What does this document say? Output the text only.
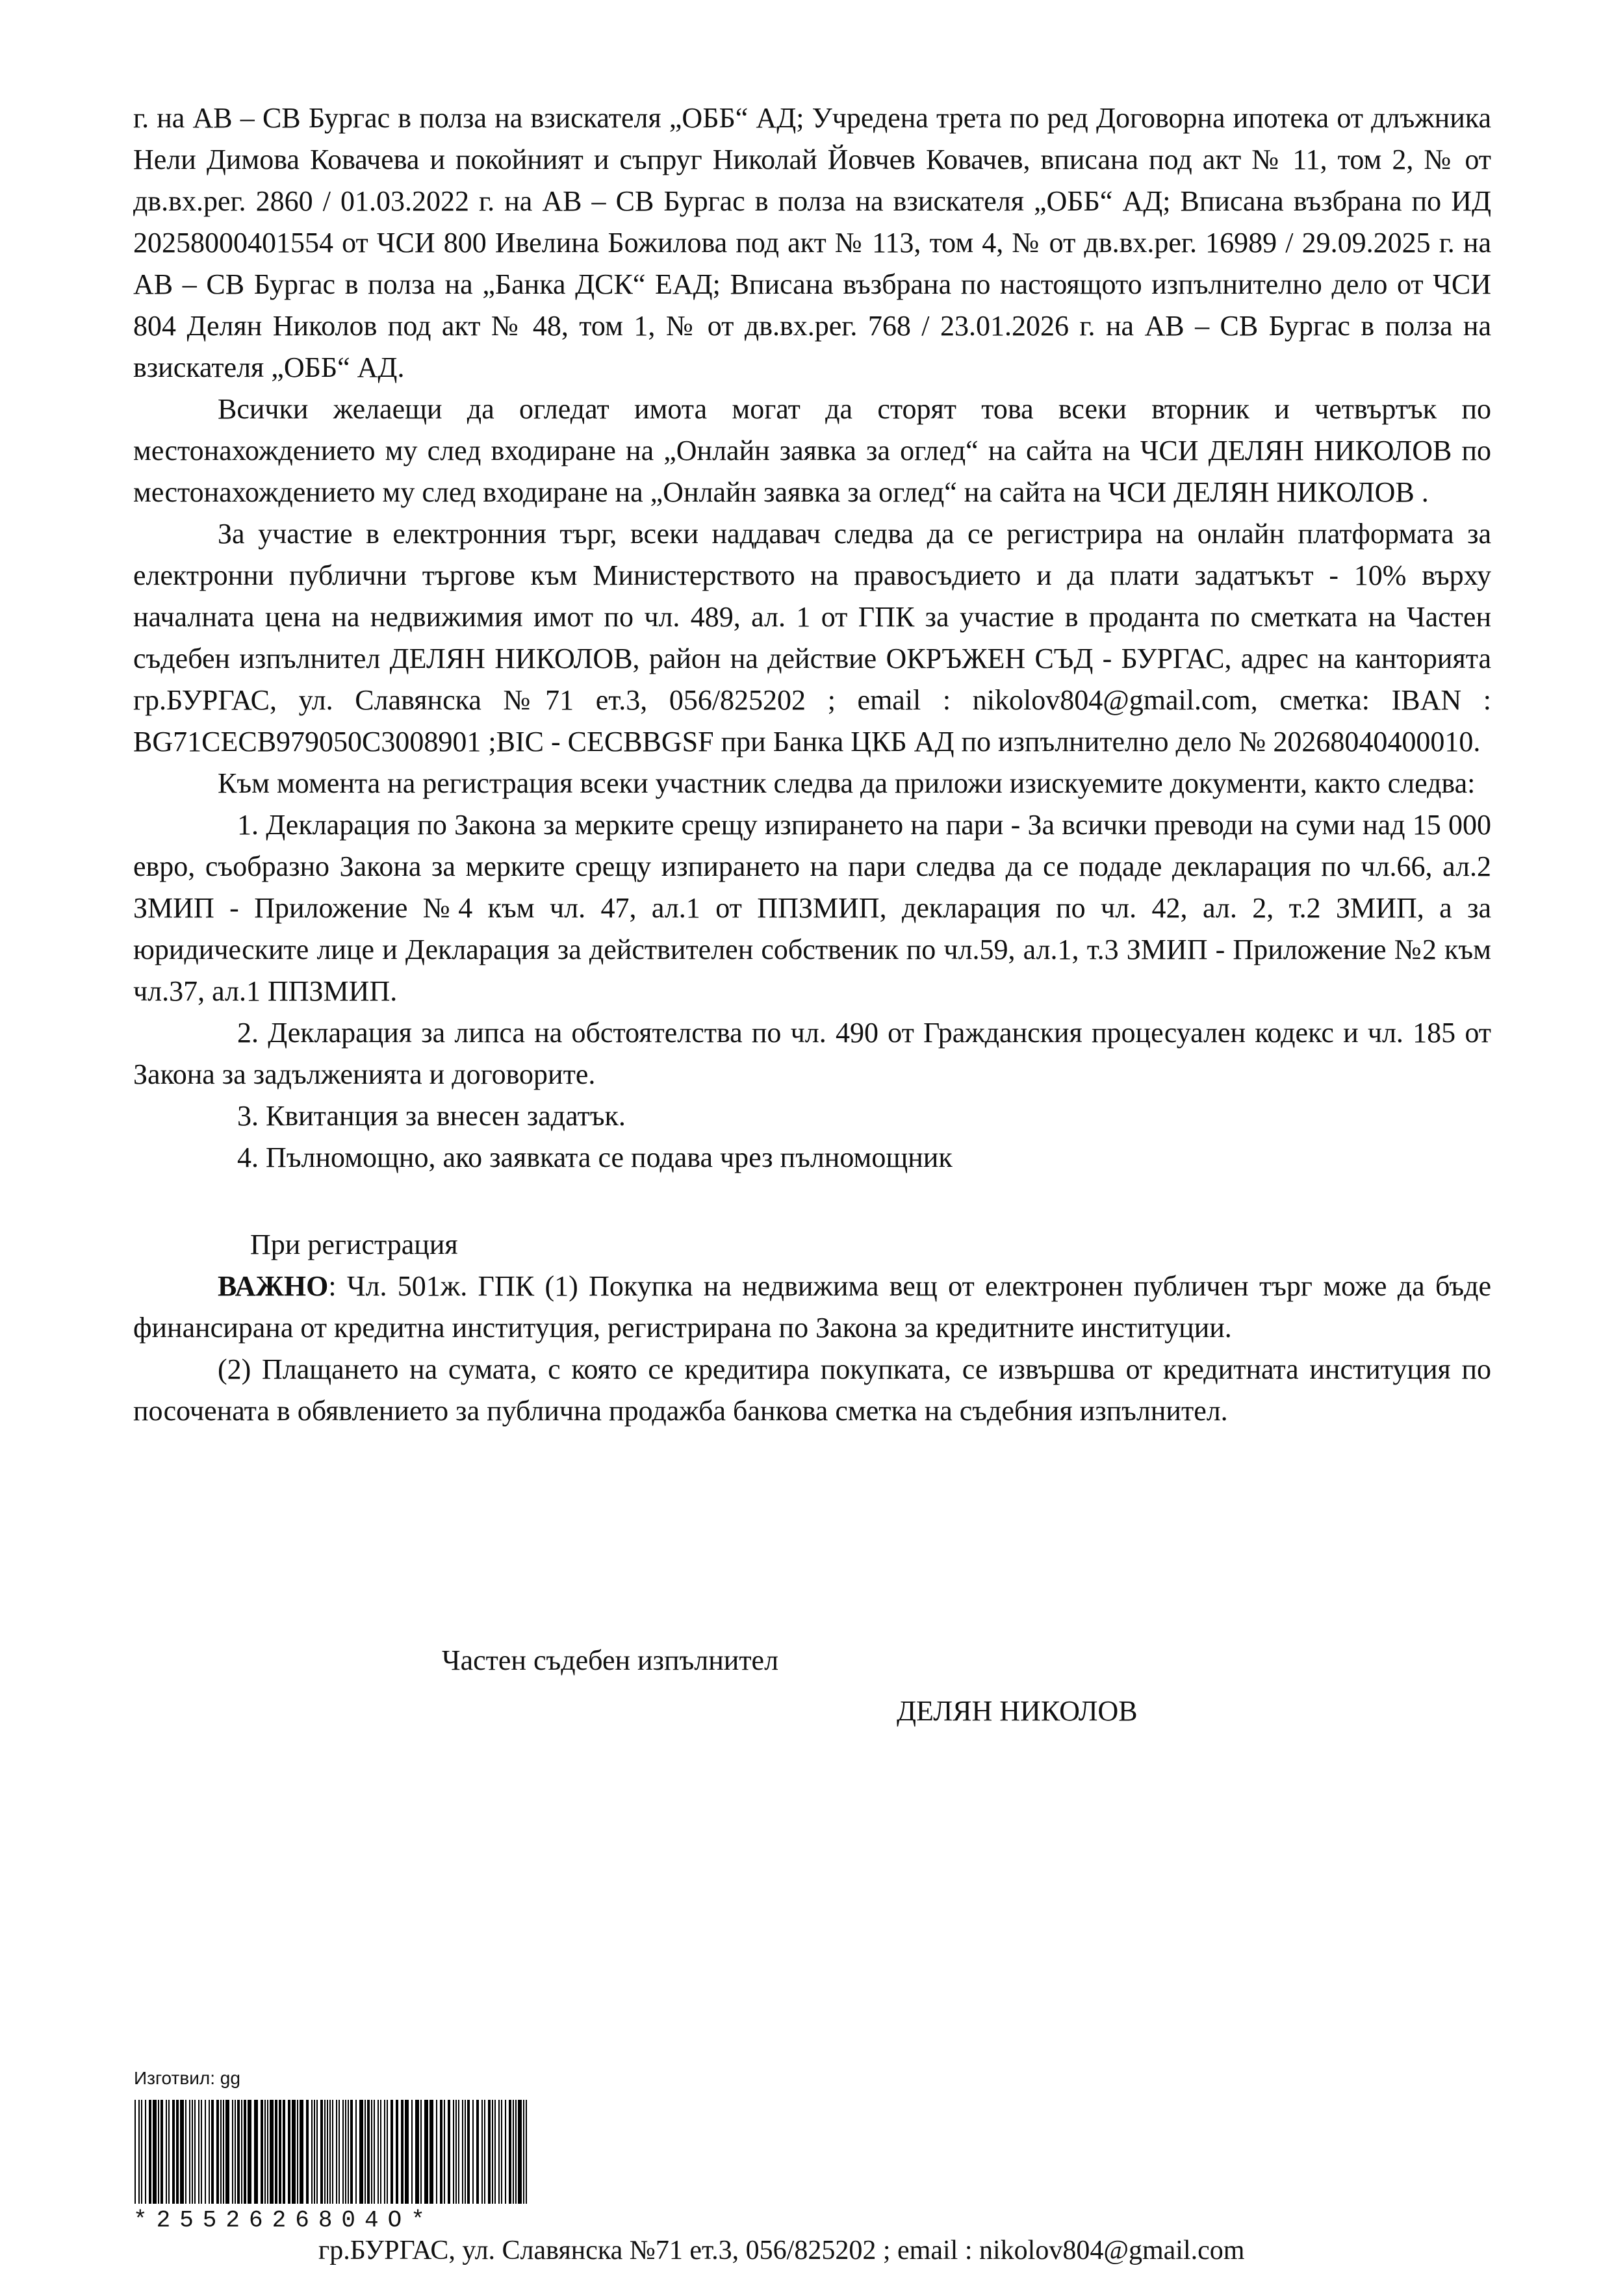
г. на АВ – СВ Бургас в полза на взискателя „ОББ“ АД; Учредена трета по ред Договорна ипотека от длъжника Нели Димова Ковачева и покойният и съпруг Николай Йовчев Ковачев, вписана под акт № 11, том 2, № от дв.вх.рег. 2860 / 01.03.2022 г. на АВ – СВ Бургас в полза на взискателя „ОББ“ АД; Вписана възбрана по ИД 20258000401554 от ЧСИ 800 Ивелина Божилова под акт № 113, том 4, № от дв.вх.рег. 16989 / 29.09.2025 г. на АВ – СВ Бургас в полза на „Банка ДСК“ ЕАД; Вписана възбрана по настоящото изпълнително дело от ЧСИ 804 Делян Николов под акт № 48, том 1, № от дв.вх.рег. 768 / 23.01.2026 г. на АВ – СВ Бургас в полза на взискателя „ОББ“ АД.

Всички желаещи да огледат имота могат да сторят това всеки вторник и четвъртък по местонахождението му след входиране на „Онлайн заявка за оглед“ на сайта на ЧСИ ДЕЛЯН НИКОЛОВ по местонахождението му след входиране на „Онлайн заявка за оглед“ на сайта на ЧСИ ДЕЛЯН НИКОЛОВ .

За участие в електронния търг, всеки наддавач следва да се регистрира на онлайн платформата за електронни публични търгове към Министерството на правосъдието и да плати задатъкът - 10% върху началната цена на недвижимия имот по чл. 489, ал. 1 от ГПК за участие в продантa по сметката на Частен съдебен изпълнител ДЕЛЯН НИКОЛОВ, район на действие ОКРЪЖЕН СЪД - БУРГАС, адрес на канторията гр.БУРГАС, ул. Славянска №71 ет.3, 056/825202 ; email : nikolov804@gmail.com, сметка: IBAN : BG71CECB979050C3008901 ;BIC - CECBBGSF при Банка ЦКБ АД по изпълнително дело № 20268040400010.

Към момента на регистрация всеки участник следва да приложи изискуемите документи, както следва:

1. Декларация по Закона за мерките срещу изпирането на пари - За всички преводи на суми над 15 000 евро, съобразно Закона за мерките срещу изпирането на пари следва да се подаде декларация по чл.66, ал.2 ЗМИП - Приложение №4 към чл. 47, ал.1 от ППЗМИП, декларация по чл. 42, ал. 2, т.2 ЗМИП, а за юридическите лице и Декларация за действителен собственик по чл.59, ал.1, т.3 ЗМИП - Приложение №2 към чл.37, ал.1 ППЗМИП.

2. Декларация за липса на обстоятелства по чл. 490 от Гражданския процесуален кодекс и чл. 185 от Закона за задълженията и договорите.

3. Квитанция за внесен задатък.

4. Пълномощно, ако заявката се подава чрез пълномощник

При регистрация

ВАЖНО: Чл. 501ж. ГПК (1) Покупка на недвижима вещ от електронен публичен търг може да бъде финансирана от кредитна институция, регистрирана по Закона за кредитните институции.

(2) Плащането на сумата, с която се кредитира покупката, се извършва от кредитната институция по посочената в обявлението за публична продажба банкова сметка на съдебния изпълнител.

Частен съдебен изпълнител
ДЕЛЯН НИКОЛОВ
Изготвил: gg
*2552626804O*
гр.БУРГАС, ул. Славянска №71 ет.3, 056/825202 ; email : nikolov804@gmail.com
